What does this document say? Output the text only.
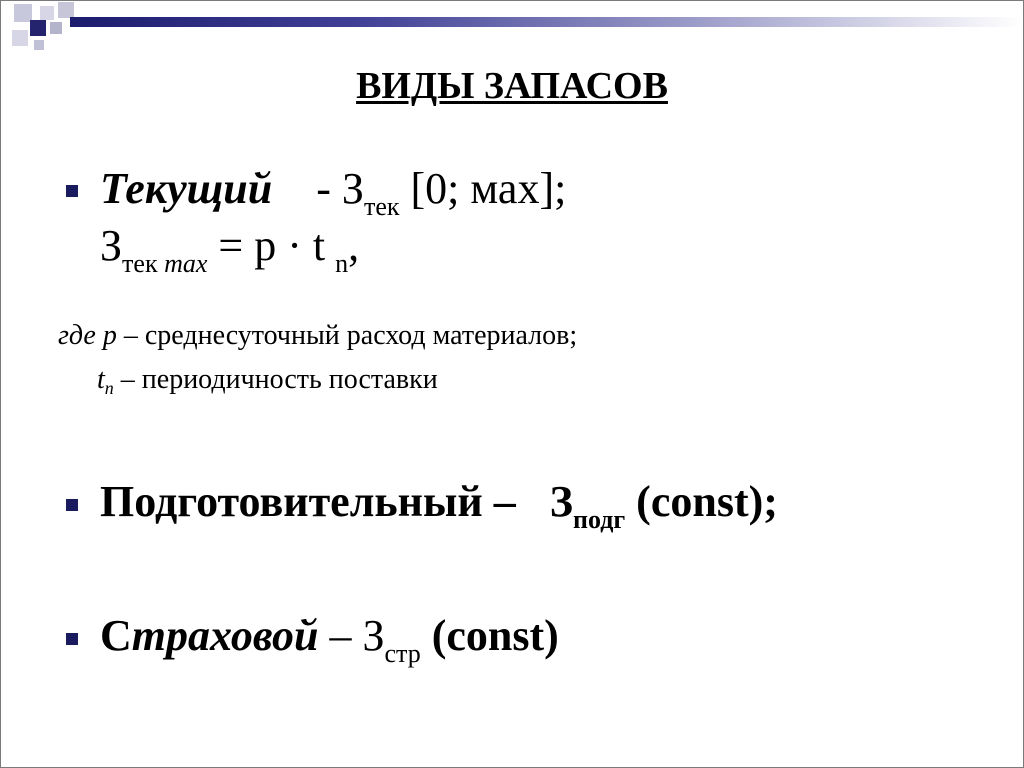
ВИДЫ ЗАПАСОВ
Текущий - $З_{тек}$ [0; мах];
$З_{тек max} = р \cdot t$ $_n$,
где р – среднесуточный расход материалов;
$t_п$ – периодичность поставки
Подготовительный – $З_{подг}$ (const);
Страховой – $З_{стр}$ (const)
